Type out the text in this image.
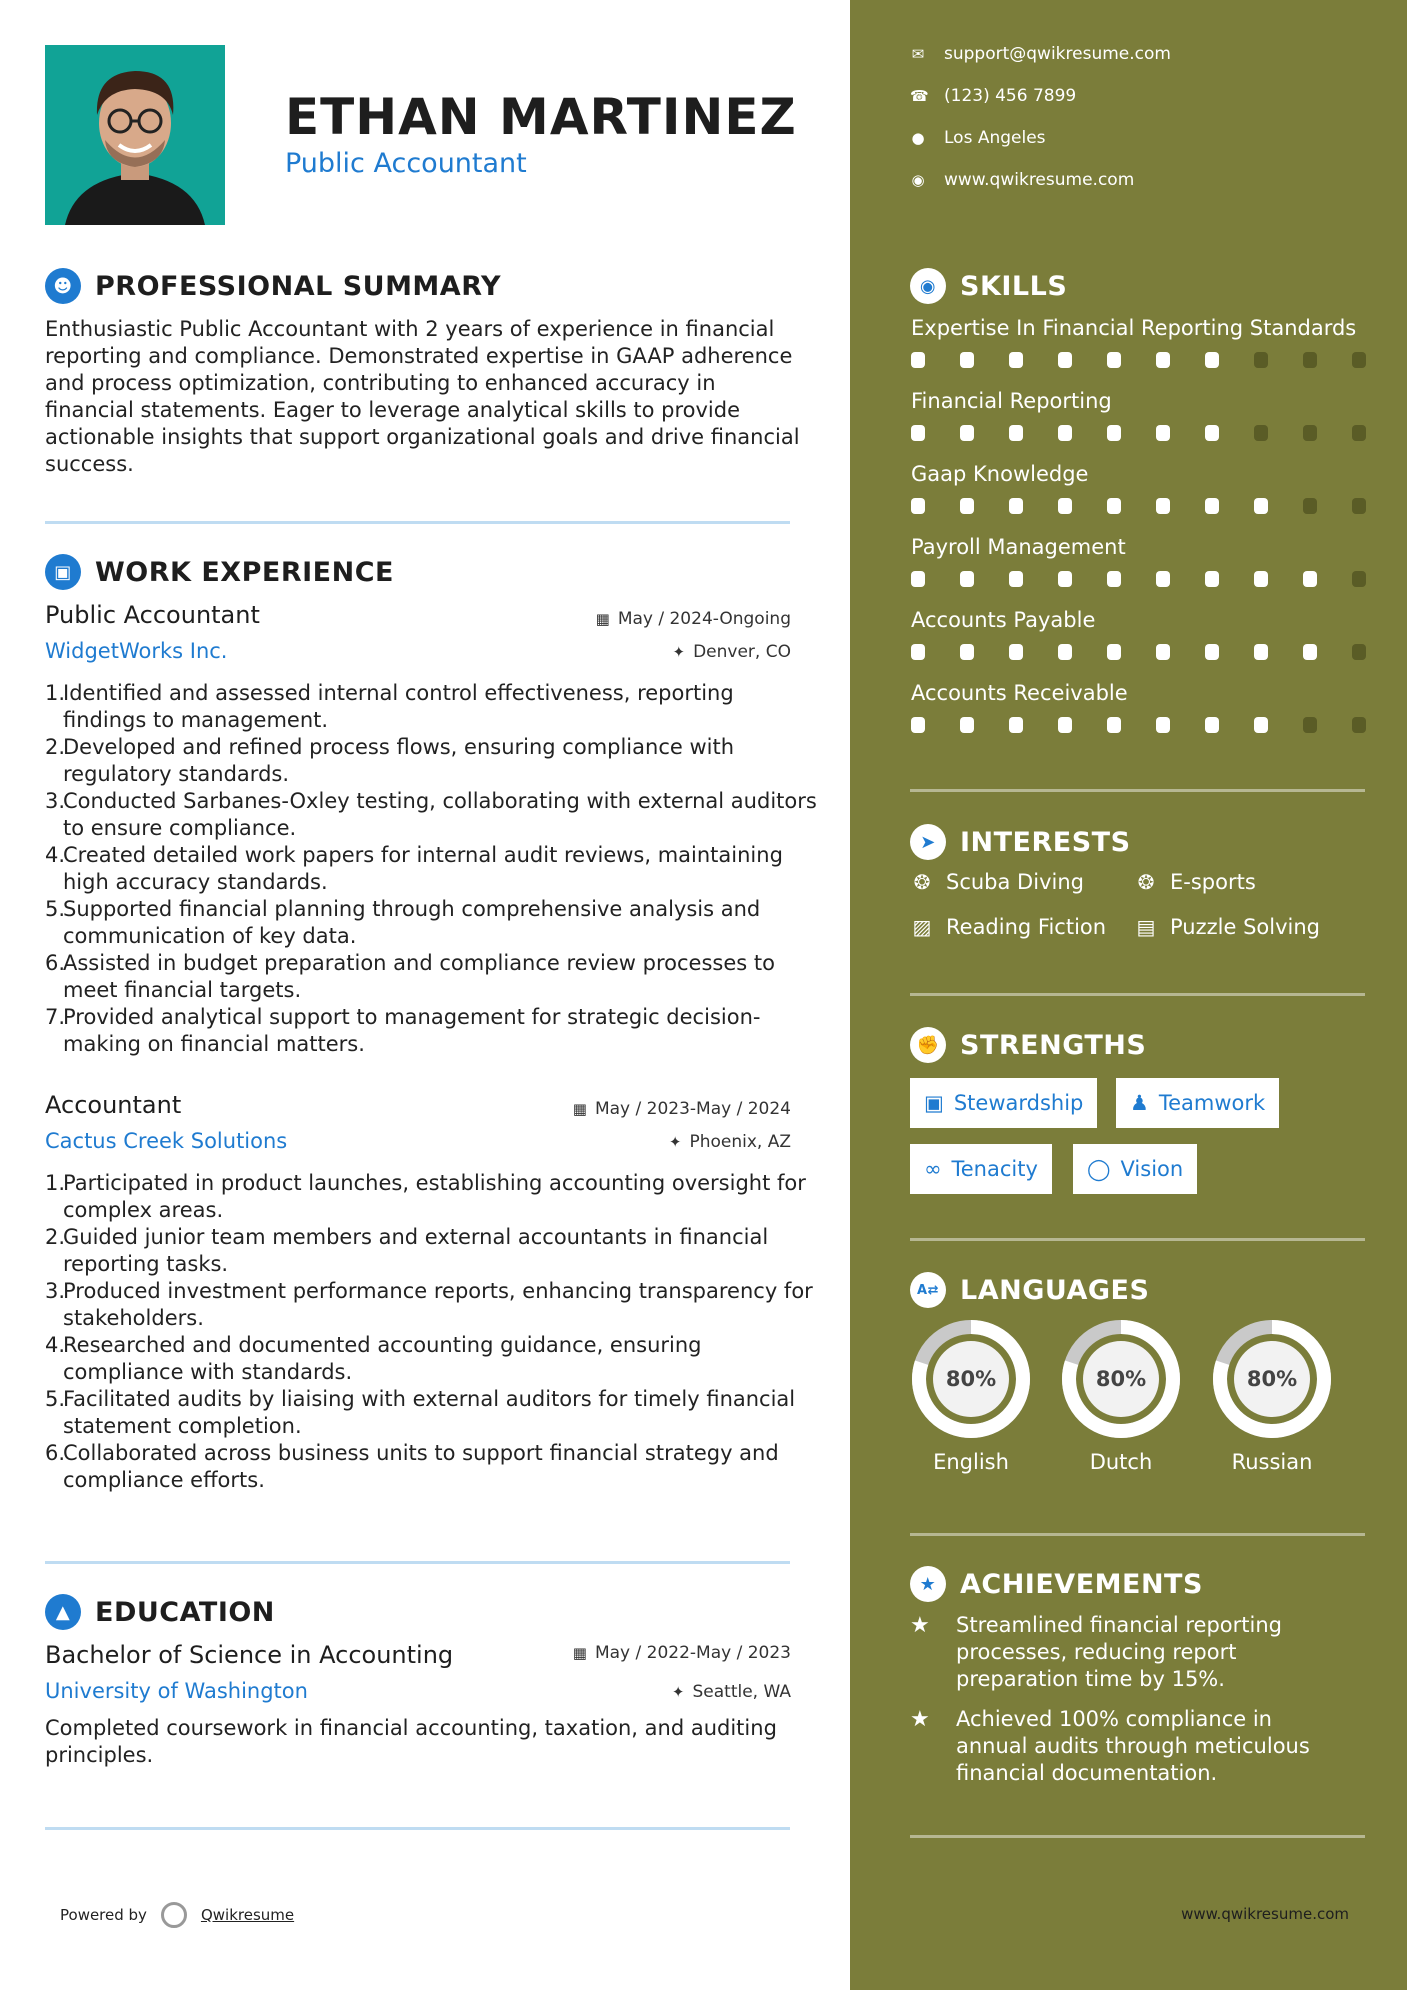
ETHAN MARTINEZ
Public Accountant
☻ PROFESSIONAL SUMMARY
Enthusiastic Public Accountant with 2 years of experience in financial reporting and compliance. Demonstrated expertise in GAAP adherence and process optimization, contributing to enhanced accuracy in financial statements. Eager to leverage analytical skills to provide actionable insights that support organizational goals and drive financial success.
▣ WORK EXPERIENCE
Public Accountant	▦ May / 2024-Ongoing
WidgetWorks Inc.	✦ Denver, CO
Identified and assessed internal control effectiveness, reporting findings to management.
Developed and refined process flows, ensuring compliance with regulatory standards.
Conducted Sarbanes-Oxley testing, collaborating with external auditors to ensure compliance.
Created detailed work papers for internal audit reviews, maintaining high accuracy standards.
Supported financial planning through comprehensive analysis and communication of key data.
Assisted in budget preparation and compliance review processes to meet financial targets.
Provided analytical support to management for strategic decision-making on financial matters.
Accountant	▦ May / 2023-May / 2024
Cactus Creek Solutions	✦ Phoenix, AZ
Participated in product launches, establishing accounting oversight for complex areas.
Guided junior team members and external accountants in financial reporting tasks.
Produced investment performance reports, enhancing transparency for stakeholders.
Researched and documented accounting guidance, ensuring compliance with standards.
Facilitated audits by liaising with external auditors for timely financial statement completion.
Collaborated across business units to support financial strategy and compliance efforts.
▲ EDUCATION
Bachelor of Science in Accounting	▦ May / 2022-May / 2023
University of Washington	✦ Seattle, WA
Completed coursework in financial accounting, taxation, and auditing principles.
Powered by	Qwikresume
✉ support@qwikresume.com
☎ (123) 456 7899
● Los Angeles
◉ www.qwikresume.com
◉ SKILLS
Expertise In Financial Reporting Standards
Financial Reporting
Gaap Knowledge
Payroll Management
Accounts Payable
Accounts Receivable
➤ INTERESTS
❂ Scuba Diving	❂ E-sports
▨ Reading Fiction ▤ Puzzle Solving
✊ STRENGTHS
▣ Stewardship ♟ Teamwork
∞ Tenacity ◯ Vision
A⇄ LANGUAGES
80%
English
80%
Dutch
80%
Russian
★ ACHIEVEMENTS
★	Streamlined financial reporting processes, reducing report preparation time by 15%.
★	Achieved 100% compliance in annual audits through meticulous financial documentation.
www.qwikresume.com
